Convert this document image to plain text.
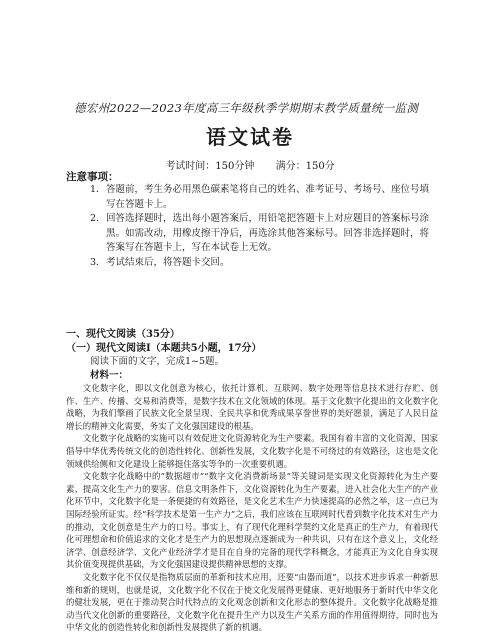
德宏州2022—2023年度高三年级秋季学期期末教学质量统一监测
语文试卷
考试时间：150分钟 满分：150分
注意事项：
1． 答题前，考生务必用黑色碳素笔将自己的姓名、准考证号、考场号、座位号填写在答题卡上。
2． 回答选择题时，选出每小题答案后，用铅笔把答题卡上对应题目的答案标号涂黑。如需改动，用橡皮擦干净后，再选涂其他答案标号。回答非选择题时，将答案写在答题卡上，写在本试卷上无效。
3． 考试结束后，将答题卡交回。
一、现代文阅读（35分）
（一）现代文阅读Ⅰ（本题共5小题，17分）
阅读下面的文字，完成1~5题。
材料一：

文化数字化，即以文化创意为核心，依托计算机、互联网、数字处理等信息技术进行存贮、创作、生产、传播、交易和消费等，是数字技术在文化领域的体现。基于文化数字化提出的文化数字化战略，为我们擎画了民族文化全景呈现、全民共享和优秀成果享誉世界的美好愿景，满足了人民日益增长的精神文化需要，务实了文化强国建设的根基。

文化数字化战略的实施可以有效促进文化资源转化为生产要素。我国有着丰富的文化资源，国家倡导中华优秀传统文化的创造性转化、创新性发展，文化数字化是不可绕过的有效路径，这也是文化领域供给侧和文化建设上能够挺住落实等争的一次重要机遇。

文化数字化战略中的“数据超市”“数字文化消费新场景”等关键词是实现文化资源转化为生产要素、提高文化生产力的要害。信息文明条件下，文化资源转化为生产要素，进入社会化大生产的产业化环节中，文化数字化是一条便捷的有效路径，是文化艺术生产力快速提高的必然之举，这一点已为国际经验所证实。经“科学技术是第一生产力”之后，我们应该在互联网时代看到数字化技术对生产力的推动，文化创意是生产力的口号。事实上，有了现代化理科学契约文化是真正的生产力，有着现代化可理想命和价值追求的文化才是生产力的思想现点逐渐成为一种共识，只有在这个意义上，文化经济学、创意经济学、文化产业经济学才是目在自身的完备的现代学科概念，才能真正为文化自身实现其价值变现提供基础，为文化强国建设提供精神思想的支撑。

文化数字化不仅仅是指物质层面的革新和技术应用，还要“由器而道”，以技术进步诉求一种新思维和新的规则，也就是说，文化数字化不仅在于使文化发展得更健康、更好地服务于新时代中华文化的健壮发展，更在于推动契合时代特点的文化观念创新和文化形态的整体提升。文化数字化战略是推动当代文化创新的重要路径，文化数字化在提升生产力以及生产关系方面的作用值得期待，同时也为中华文化的创造性转化和创新性发展提供了新的机遇。
